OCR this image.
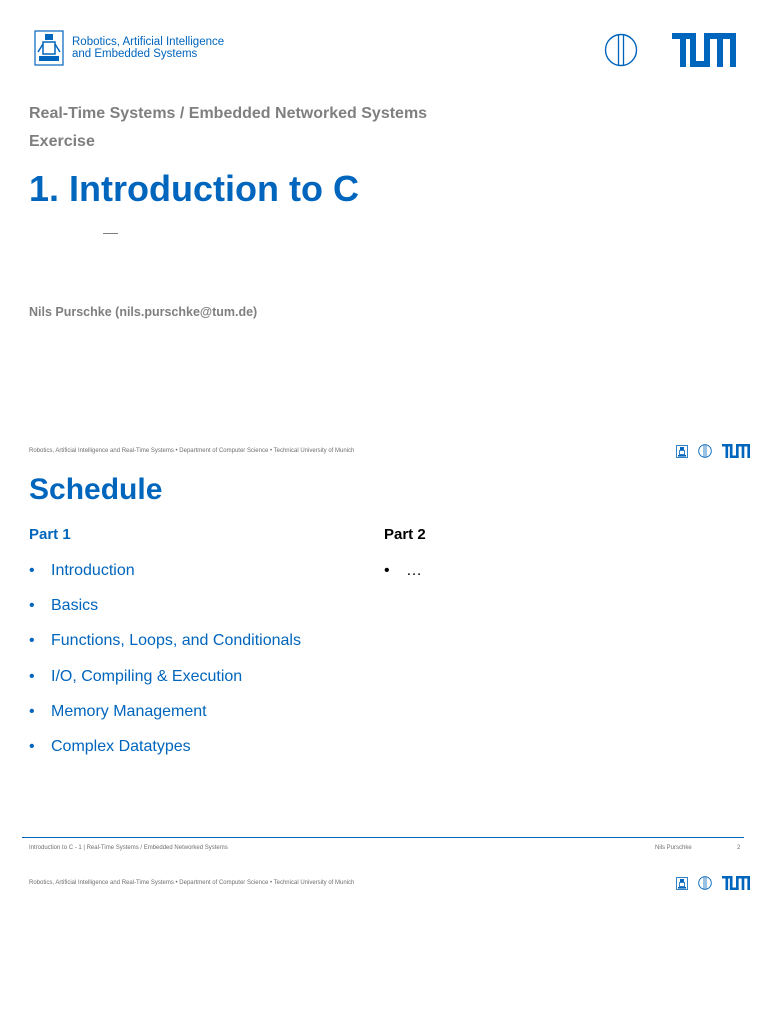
Robotics, Artificial Intelligence
and Embedded Systems
Real-Time Systems / Embedded Networked Systems
Exercise
1. Introduction to C
Nils Purschke (nils.purschke@tum.de)
Robotics, Artificial Intelligence and Real-Time Systems • Department of Computer Science • Technical University of Munich
Schedule
Part 1	Part 2
• Introduction
• Basics
• Functions, Loops, and Conditionals
• I/O, Compiling & Execution
• Memory Management
• Complex Datatypes
• …
Introduction to C - 1 | Real-Time Systems / Embedded Networked Systems	Nils Purschke	2
Robotics, Artificial Intelligence and Real-Time Systems • Department of Computer Science • Technical University of Munich
